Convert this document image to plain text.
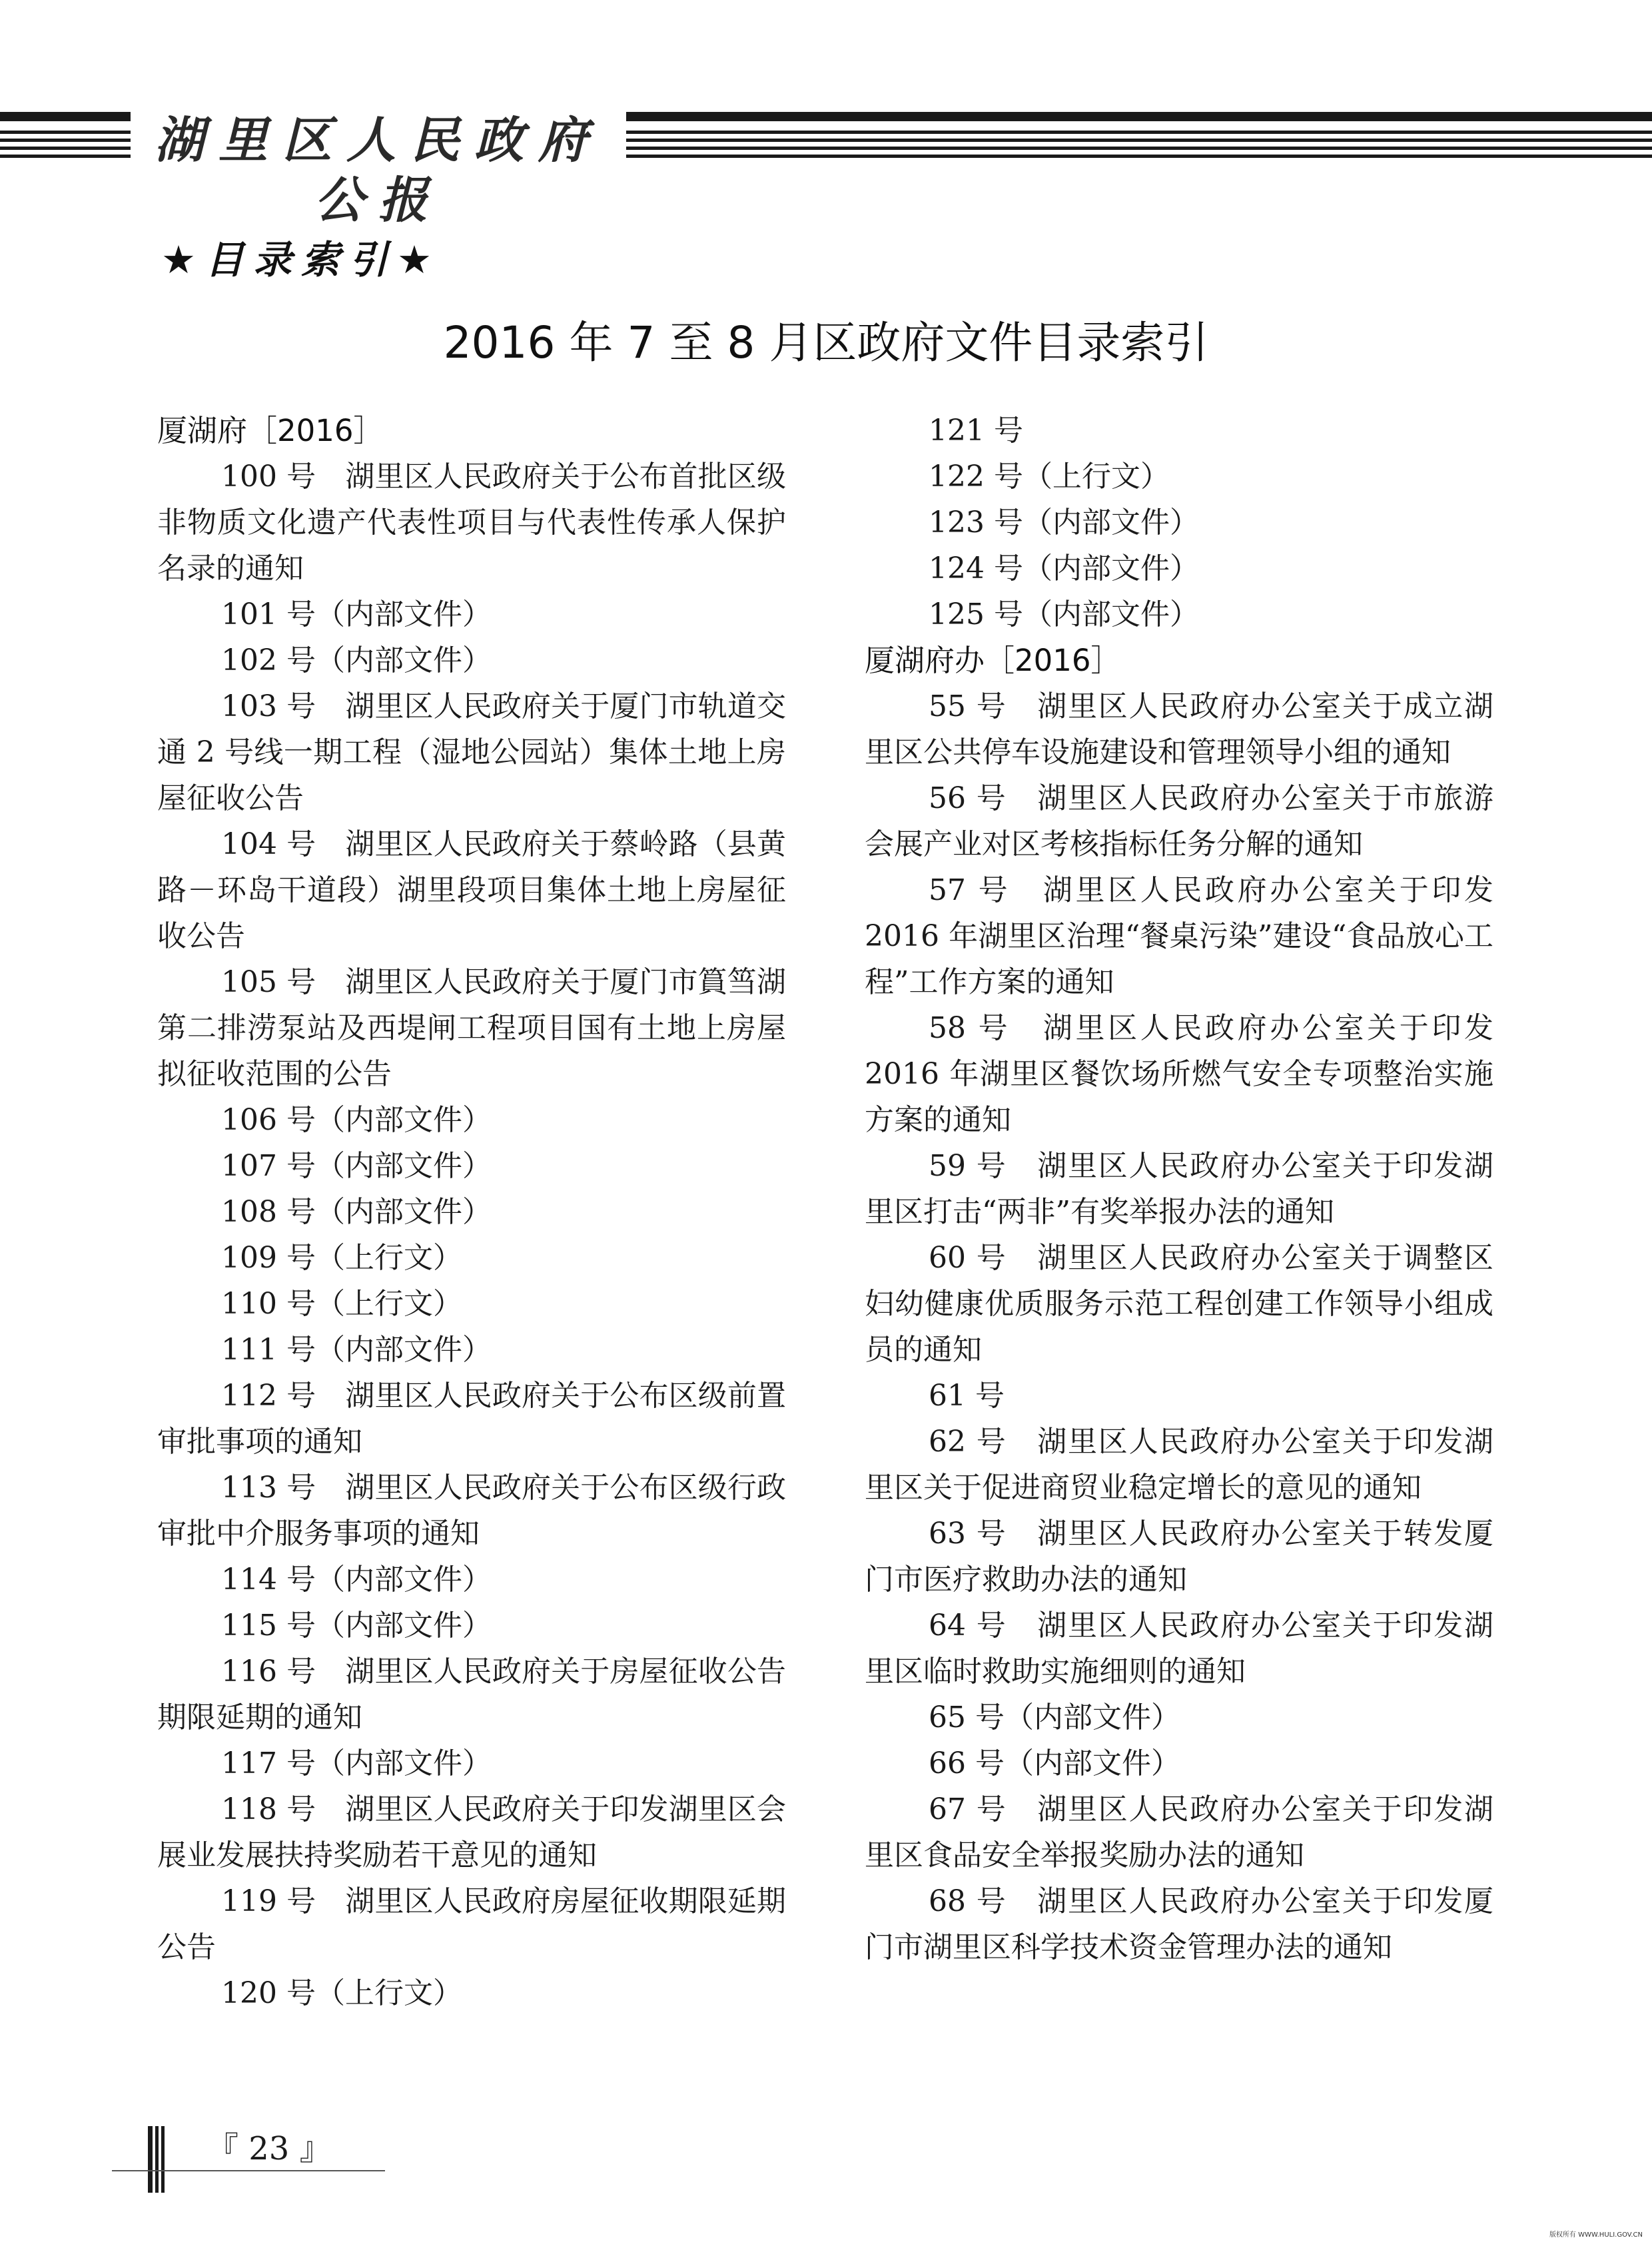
湖里区人民政府公报
★目录索引★
2016 年 7 至 8 月区政府文件目录索引
厦湖府［2016］
100 号　湖里区人民政府关于公布首批区级非物质文化遗产代表性项目与代表性传承人保护名录的通知
101 号（内部文件）
102 号（内部文件）
103 号　湖里区人民政府关于厦门市轨道交通 2 号线一期工程（湿地公园站）集体土地上房屋征收公告
104 号　湖里区人民政府关于蔡岭路（县黄路－环岛干道段）湖里段项目集体土地上房屋征收公告
105 号　湖里区人民政府关于厦门市篔筜湖第二排涝泵站及西堤闸工程项目国有土地上房屋拟征收范围的公告
106 号（内部文件）
107 号（内部文件）
108 号（内部文件）
109 号（上行文）
110 号（上行文）
111 号（内部文件）
112 号　湖里区人民政府关于公布区级前置审批事项的通知
113 号　湖里区人民政府关于公布区级行政审批中介服务事项的通知
114 号（内部文件）
115 号（内部文件）
116 号　湖里区人民政府关于房屋征收公告期限延期的通知
117 号（内部文件）
118 号　湖里区人民政府关于印发湖里区会展业发展扶持奖励若干意见的通知
119 号　湖里区人民政府房屋征收期限延期公告
120 号（上行文）
121 号
122 号（上行文）
123 号（内部文件）
124 号（内部文件）
125 号（内部文件）
厦湖府办［2016］
55 号　湖里区人民政府办公室关于成立湖里区公共停车设施建设和管理领导小组的通知
56 号　湖里区人民政府办公室关于市旅游会展产业对区考核指标任务分解的通知
57 号　湖里区人民政府办公室关于印发 2016 年湖里区治理“餐桌污染”建设“食品放心工程”工作方案的通知
58 号　湖里区人民政府办公室关于印发 2016 年湖里区餐饮场所燃气安全专项整治实施方案的通知
59 号　湖里区人民政府办公室关于印发湖里区打击“两非”有奖举报办法的通知
60 号　湖里区人民政府办公室关于调整区妇幼健康优质服务示范工程创建工作领导小组成员的通知
61 号
62 号　湖里区人民政府办公室关于印发湖里区关于促进商贸业稳定增长的意见的通知
63 号　湖里区人民政府办公室关于转发厦门市医疗救助办法的通知
64 号　湖里区人民政府办公室关于印发湖里区临时救助实施细则的通知
65 号（内部文件）
66 号（内部文件）
67 号　湖里区人民政府办公室关于印发湖里区食品安全举报奖励办法的通知
68 号　湖里区人民政府办公室关于印发厦门市湖里区科学技术资金管理办法的通知
『 23 』
版权所有 WWW.HULI.GOV.CN
